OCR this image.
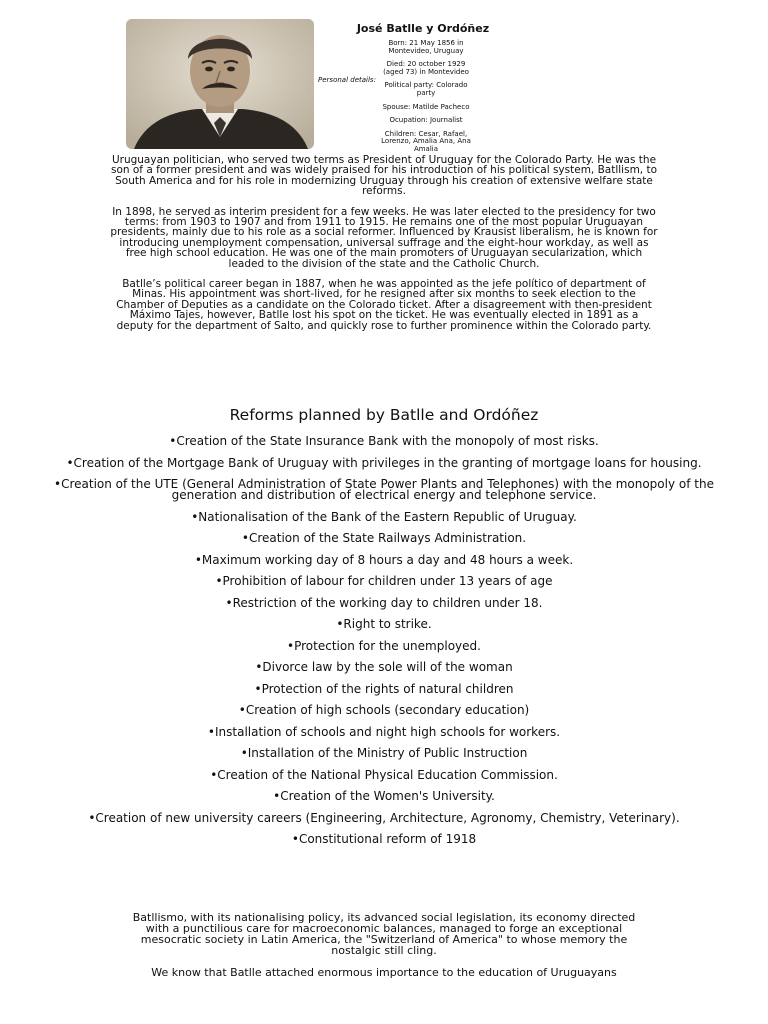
José Batlle y Ordóñez
Personal details:
Born: 21 May 1856 in Montevideo, Uruguay
Died: 20 october 1929 (aged 73) in Montevideo
Political party: Colorado party
Spouse: Matilde Pacheco
Ocupation: Journalist
Children: Cesar, Rafael, Lorenzo, Amalia Ana, Ana Amalia

Uruguayan politician, who served two terms as President of Uruguay for the Colorado Party. He was the son of a former president and was widely praised for his introduction of his political system, Batllism, to South America and for his role in modernizing Uruguay through his creation of extensive welfare state reforms.

In 1898, he served as interim president for a few weeks. He was later elected to the presidency for two terms: from 1903 to 1907 and from 1911 to 1915. He remains one of the most popular Uruguayan presidents, mainly due to his role as a social reformer. Influenced by Krausist liberalism, he is known for introducing unemployment compensation, universal suffrage and the eight-hour workday, as well as free high school education. He was one of the main promoters of Uruguayan secularization, which leaded to the division of the state and the Catholic Church.

Batlle’s political career began in 1887, when he was appointed as the jefe político of department of Minas. His appointment was short-lived, for he resigned after six months to seek election to the Chamber of Deputies as a candidate on the Colorado ticket. After a disagreement with then-president Máximo Tajes, however, Batlle lost his spot on the ticket. He was eventually elected in 1891 as a deputy for the department of Salto, and quickly rose to further prominence within the Colorado party.

Reforms planned by Batlle and Ordóñez
•Creation of the State Insurance Bank with the monopoly of most risks.
•Creation of the Mortgage Bank of Uruguay with privileges in the granting of mortgage loans for housing.
•Creation of the UTE (General Administration of State Power Plants and Telephones) with the monopoly of the generation and distribution of electrical energy and telephone service.
•Nationalisation of the Bank of the Eastern Republic of Uruguay.
•Creation of the State Railways Administration.
•Maximum working day of 8 hours a day and 48 hours a week.
•Prohibition of labour for children under 13 years of age
•Restriction of the working day to children under 18.
•Right to strike.
•Protection for the unemployed.
•Divorce law by the sole will of the woman
•Protection of the rights of natural children
•Creation of high schools (secondary education)
•Installation of schools and night high schools for workers.
•Installation of the Ministry of Public Instruction
•Creation of the National Physical Education Commission.
•Creation of the Women's University.
•Creation of new university careers (Engineering, Architecture, Agronomy, Chemistry, Veterinary).
•Constitutional reform of 1918

Batllismo, with its nationalising policy, its advanced social legislation, its economy directed with a punctilious care for macroeconomic balances, managed to forge an exceptional mesocratic society in Latin America, the "Switzerland of America" to whose memory the nostalgic still cling.

We know that Batlle attached enormous importance to the education of Uruguayans
